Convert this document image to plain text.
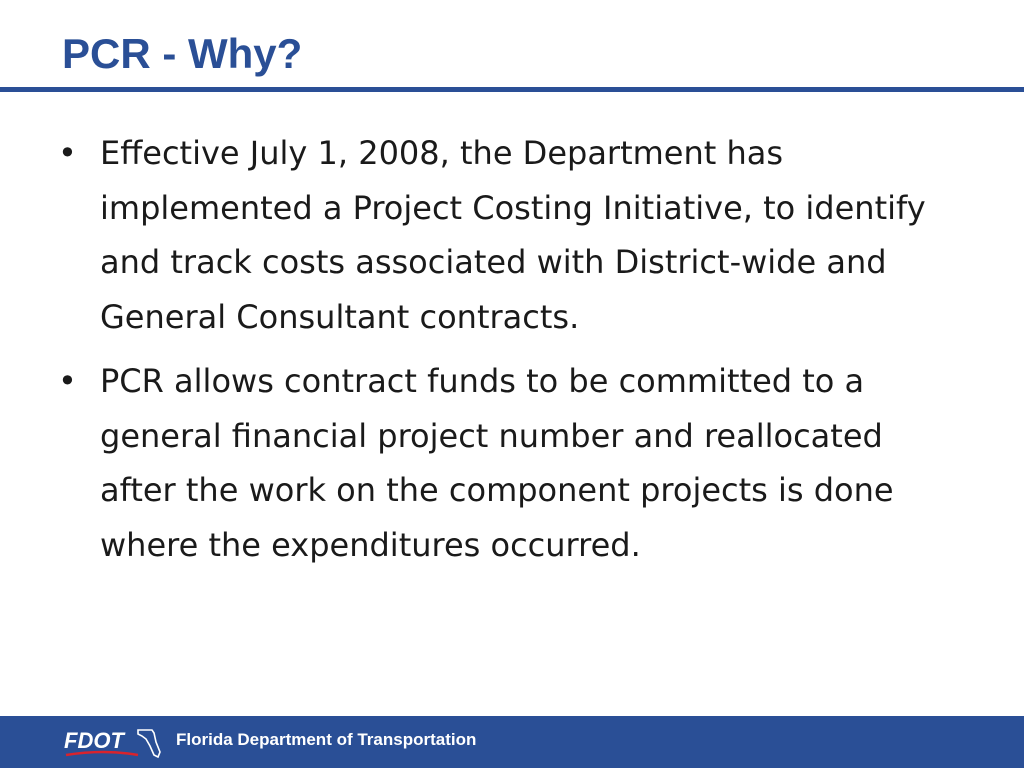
PCR - Why?
• Effective July 1, 2008, the Department has implemented a Project Costing Initiative, to identify and track costs associated with District-wide and General Consultant contracts.
• PCR allows contract funds to be committed to a general financial project number and reallocated after the work on the component projects is done where the expenditures occurred.
FDOT	Florida Department of Transportation
